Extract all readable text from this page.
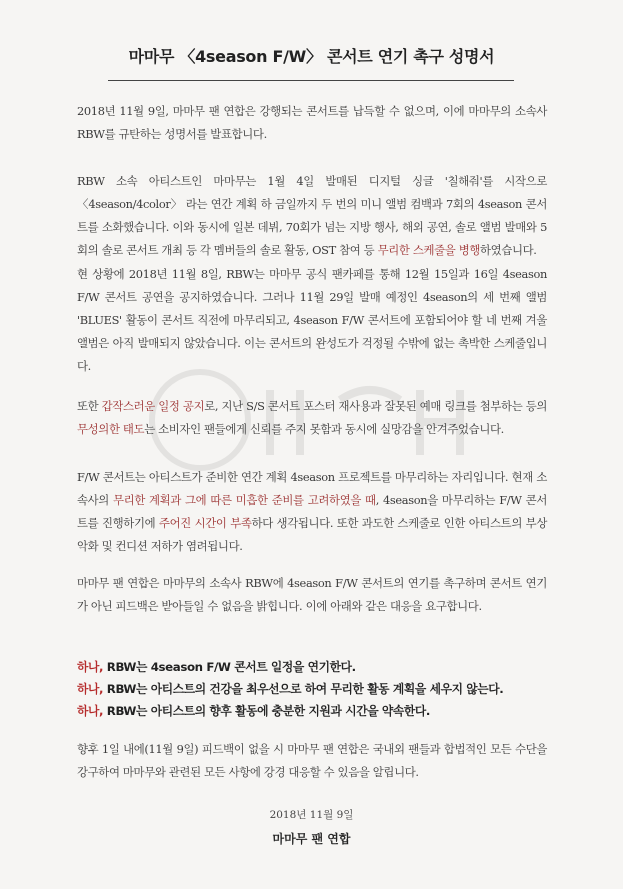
마마무 〈4season F/W〉 콘서트 연기 촉구 성명서

2018년 11월 9일, 마마무 팬 연합은 강행되는 콘서트를 납득할 수 없으며, 이에 마마무의 소속사 RBW를 규탄하는 성명서를 발표합니다.

RBW 소속 아티스트인 마마무는 1월 4일 발매된 디지털 싱글 '칠해줘'를 시작으로 〈4season/4color〉 라는 연간 계획 하 금일까지 두 번의 미니 앨범 컴백과 7회의 4season 콘서트를 소화했습니다. 이와 동시에 일본 데뷔, 70회가 넘는 지방 행사, 해외 공연, 솔로 앨범 발매와 5회의 솔로 콘서트 개최 등 각 멤버들의 솔로 활동, OST 참여 등 무리한 스케줄을 병행하였습니다.

현 상황에 2018년 11월 8일, RBW는 마마무 공식 팬카페를 통해 12월 15일과 16일 4season F/W 콘서트 공연을 공지하였습니다. 그러나 11월 29일 발매 예정인 4season의 세 번째 앨범 'BLUES' 활동이 콘서트 직전에 마무리되고, 4season F/W 콘서트에 포함되어야 할 네 번째 겨울 앨범은 아직 발매되지 않았습니다. 이는 콘서트의 완성도가 걱정될 수밖에 없는 촉박한 스케줄입니다.

또한 갑작스러운 일정 공지로, 지난 S/S 콘서트 포스터 재사용과 잘못된 예매 링크를 첨부하는 등의 무성의한 태도는 소비자인 팬들에게 신뢰를 주지 못함과 동시에 실망감을 안겨주었습니다.

F/W 콘서트는 아티스트가 준비한 연간 계획 4season 프로젝트를 마무리하는 자리입니다. 현재 소속사의 무리한 계획과 그에 따른 미흡한 준비를 고려하였을 때, 4season을 마무리하는 F/W 콘서트를 진행하기에 주어진 시간이 부족하다 생각됩니다. 또한 과도한 스케줄로 인한 아티스트의 부상 악화 및 컨디션 저하가 염려됩니다.

마마무 팬 연합은 마마무의 소속사 RBW에 4season F/W 콘서트의 연기를 촉구하며 콘서트 연기가 아닌 피드백은 받아들일 수 없음을 밝힙니다. 이에 아래와 같은 대응을 요구합니다.

하나, RBW는 4season F/W 콘서트 일정을 연기한다.
하나, RBW는 아티스트의 건강을 최우선으로 하여 무리한 활동 계획을 세우지 않는다.
하나, RBW는 아티스트의 향후 활동에 충분한 지원과 시간을 약속한다.

향후 1일 내에(11월 9일) 피드백이 없을 시 마마무 팬 연합은 국내외 팬들과 합법적인 모든 수단을 강구하여 마마무와 관련된 모든 사항에 강경 대응할 수 있음을 알립니다.

2018년 11월 9일
마마무 팬 연합
